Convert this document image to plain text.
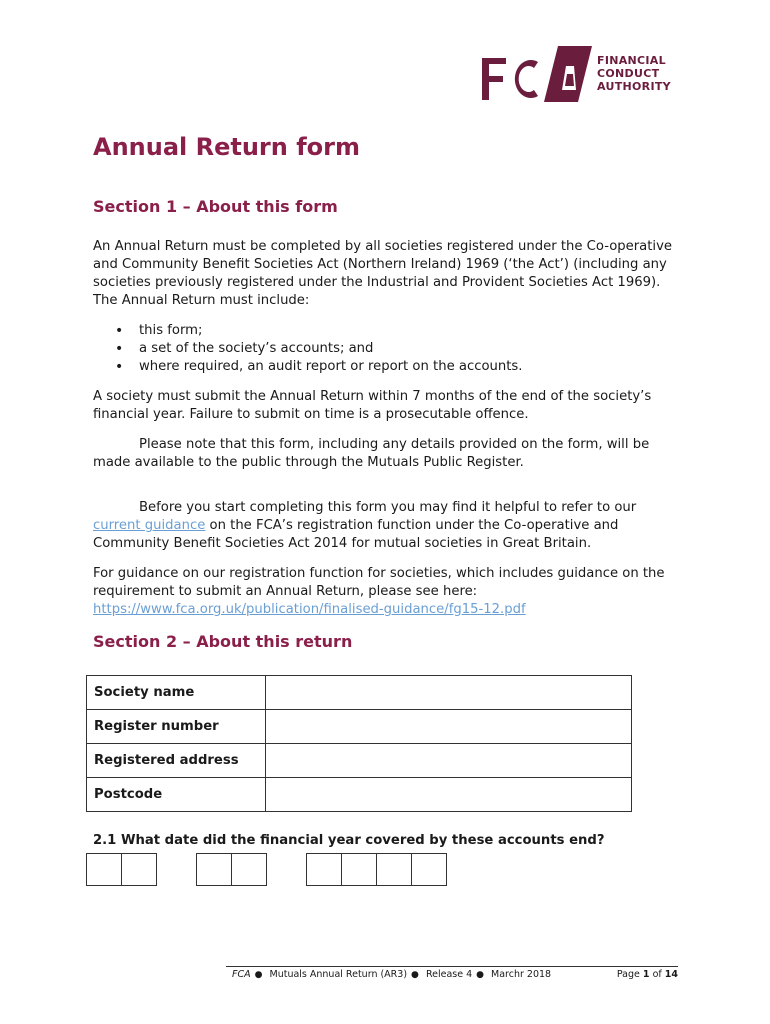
FINANCIAL
CONDUCT
AUTHORITY
Annual Return form
Section 1 – About this form

An Annual Return must be completed by all societies registered under the Co-operative and Community Benefit Societies Act (Northern Ireland) 1969 (‘the Act’) (including any societies previously registered under the Industrial and Provident Societies Act 1969). The Annual Return must include:

• this form;
• a set of the society’s accounts; and
• where required, an audit report or report on the accounts.

A society must submit the Annual Return within 7 months of the end of the society’s financial year. Failure to submit on time is a prosecutable offence.

Please note that this form, including any details provided on the form, will be made available to the public through the Mutuals Public Register.

Before you start completing this form you may find it helpful to refer to our current guidance on the FCA’s registration function under the Co-operative and Community Benefit Societies Act 2014 for mutual societies in Great Britain.

For guidance on our registration function for societies, which includes guidance on the requirement to submit an Annual Return, please see here: https://www.fca.org.uk/publication/finalised-guidance/fg15-12.pdf

Section 2 – About this return
Society name	
Register number	
Registered address	
Postcode	

2.1 What date did the financial year covered by these accounts end?

FCA ● Mutuals Annual Return (AR3) ● Release 4 ● Marchr 2018	Page 1 of 14
